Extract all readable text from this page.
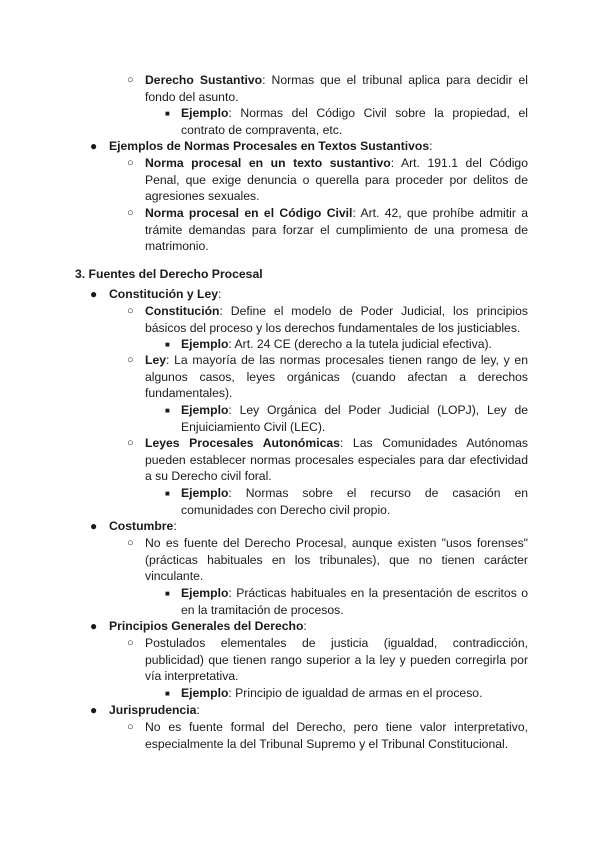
○ Derecho Sustantivo: Normas que el tribunal aplica para decidir el fondo del asunto.
■ Ejemplo: Normas del Código Civil sobre la propiedad, el contrato de compraventa, etc.
● Ejemplos de Normas Procesales en Textos Sustantivos:
○ Norma procesal en un texto sustantivo: Art. 191.1 del Código Penal, que exige denuncia o querella para proceder por delitos de agresiones sexuales.
○ Norma procesal en el Código Civil: Art. 42, que prohíbe admitir a trámite demandas para forzar el cumplimiento de una promesa de matrimonio.
3. Fuentes del Derecho Procesal
● Constitución y Ley:
○ Constitución: Define el modelo de Poder Judicial, los principios básicos del proceso y los derechos fundamentales de los justiciables.
■ Ejemplo: Art. 24 CE (derecho a la tutela judicial efectiva).
○ Ley: La mayoría de las normas procesales tienen rango de ley, y en algunos casos, leyes orgánicas (cuando afectan a derechos fundamentales).
■ Ejemplo: Ley Orgánica del Poder Judicial (LOPJ), Ley de Enjuiciamiento Civil (LEC).
○ Leyes Procesales Autonómicas: Las Comunidades Autónomas pueden establecer normas procesales especiales para dar efectividad a su Derecho civil foral.
■ Ejemplo: Normas sobre el recurso de casación en comunidades con Derecho civil propio.
● Costumbre:
○ No es fuente del Derecho Procesal, aunque existen "usos forenses" (prácticas habituales en los tribunales), que no tienen carácter vinculante.
■ Ejemplo: Prácticas habituales en la presentación de escritos o en la tramitación de procesos.
● Principios Generales del Derecho:
○ Postulados elementales de justicia (igualdad, contradicción, publicidad) que tienen rango superior a la ley y pueden corregirla por vía interpretativa.
■ Ejemplo: Principio de igualdad de armas en el proceso.
● Jurisprudencia:
○ No es fuente formal del Derecho, pero tiene valor interpretativo, especialmente la del Tribunal Supremo y el Tribunal Constitucional.
